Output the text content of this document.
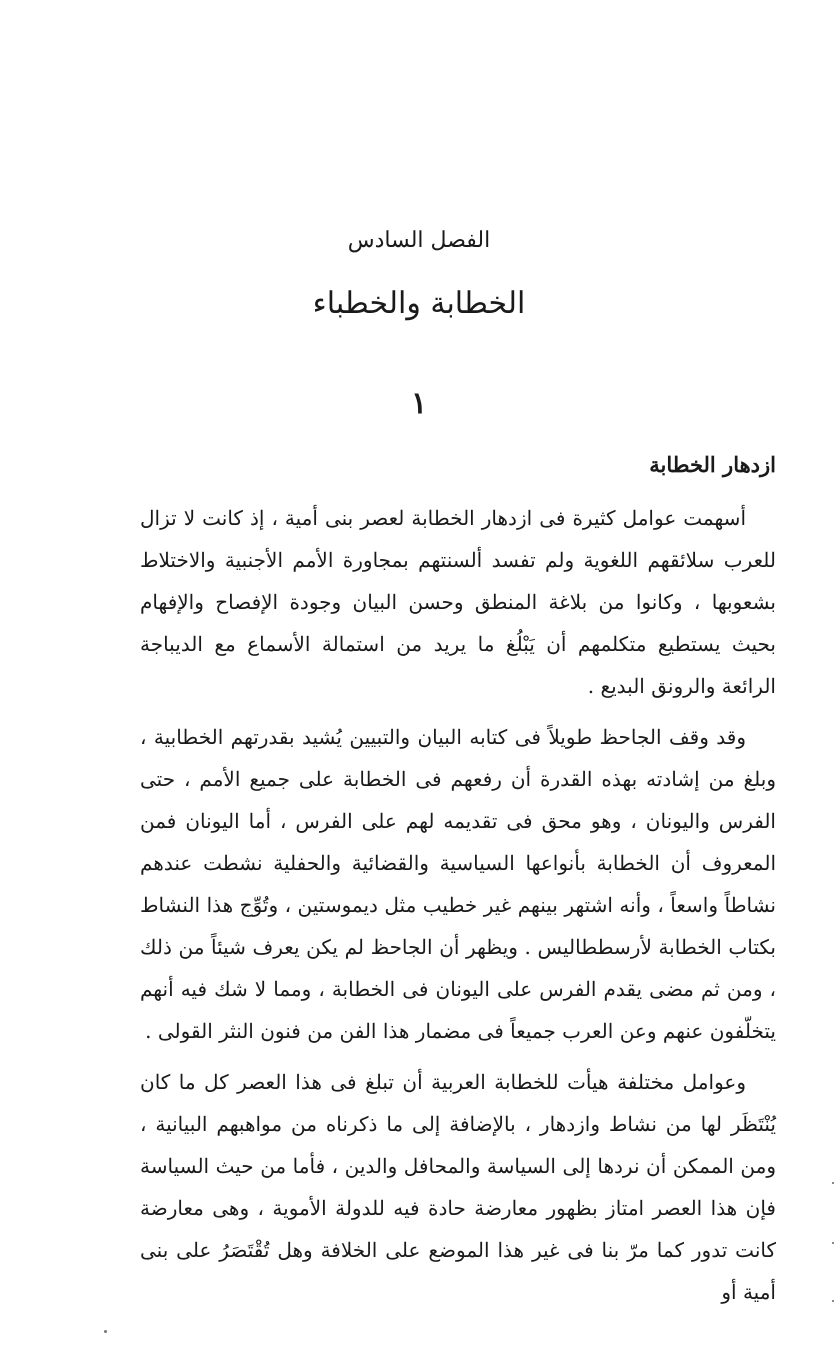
الفصل السادس
الخطابة والخطباء
١
ازدهار الخطابة

أسهمت عوامل كثيرة فى ازدهار الخطابة لعصر بنى أمية ، إذ كانت لا تزال للعرب سلائقهم اللغوية ولم تفسد ألسنتهم بمجاورة الأمم الأجنبية والاختلاط بشعوبها ، وكانوا من بلاغة المنطق وحسن البيان وجودة الإفصاح والإفهام بحيث يستطيع متكلمهم أن يَبْلُغ ما يريد من استمالة الأسماع مع الديباجة الرائعة والرونق البديع .

وقد وقف الجاحظ طويلاً فى كتابه البيان والتبيين يُشيد بقدرتهم الخطابية ، وبلغ من إشادته بهذه القدرة أن رفعهم فى الخطابة على جميع الأمم ، حتى الفرس واليونان ، وهو محق فى تقديمه لهم على الفرس ، أما اليونان فمن المعروف أن الخطابة بأنواعها السياسية والقضائية والحفلية نشطت عندهم نشاطاً واسعاً ، وأنه اشتهر بينهم غير خطيب مثل ديموستين ، وتُوِّج هذا النشاط بكتاب الخطابة لأرسططاليس . ويظهر أن الجاحظ لم يكن يعرف شيئاً من ذلك ، ومن ثم مضى يقدم الفرس على اليونان فى الخطابة ، ومما لا شك فيه أنهم يتخلّفون عنهم وعن العرب جميعاً فى مضمار هذا الفن من فنون النثر القولى .

وعوامل مختلفة هيأت للخطابة العربية أن تبلغ فى هذا العصر كل ما كان يُنْتَظَر لها من نشاط وازدهار ، بالإضافة إلى ما ذكرناه من مواهبهم البيانية ، ومن الممكن أن نردها إلى السياسة والمحافل والدين ، فأما من حيث السياسة فإن هذا العصر امتاز بظهور معارضة حادة فيه للدولة الأموية ، وهى معارضة كانت تدور كما مرّ بنا فى غير هذا الموضع على الخلافة وهل تُقْتَصَرُ على بنى أمية أو
